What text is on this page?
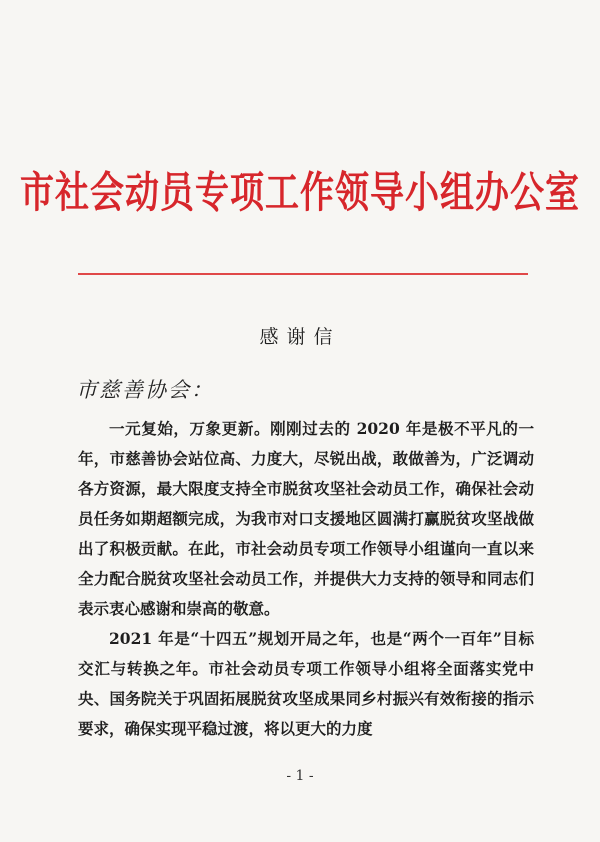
市社会动员专项工作领导小组办公室
感谢信
市慈善协会：

一元复始，万象更新。刚刚过去的 2020 年是极不平凡的一年，市慈善协会站位高、力度大，尽锐出战，敢做善为，广泛调动各方资源，最大限度支持全市脱贫攻坚社会动员工作，确保社会动员任务如期超额完成，为我市对口支援地区圆满打赢脱贫攻坚战做出了积极贡献。在此，市社会动员专项工作领导小组谨向一直以来全力配合脱贫攻坚社会动员工作，并提供大力支持的领导和同志们表示衷心感谢和崇高的敬意。

2021 年是“十四五”规划开局之年，也是“两个一百年”目标交汇与转换之年。市社会动员专项工作领导小组将全面落实党中央、国务院关于巩固拓展脱贫攻坚成果同乡村振兴有效衔接的指示要求，确保实现平稳过渡，将以更大的力度

- 1 -
